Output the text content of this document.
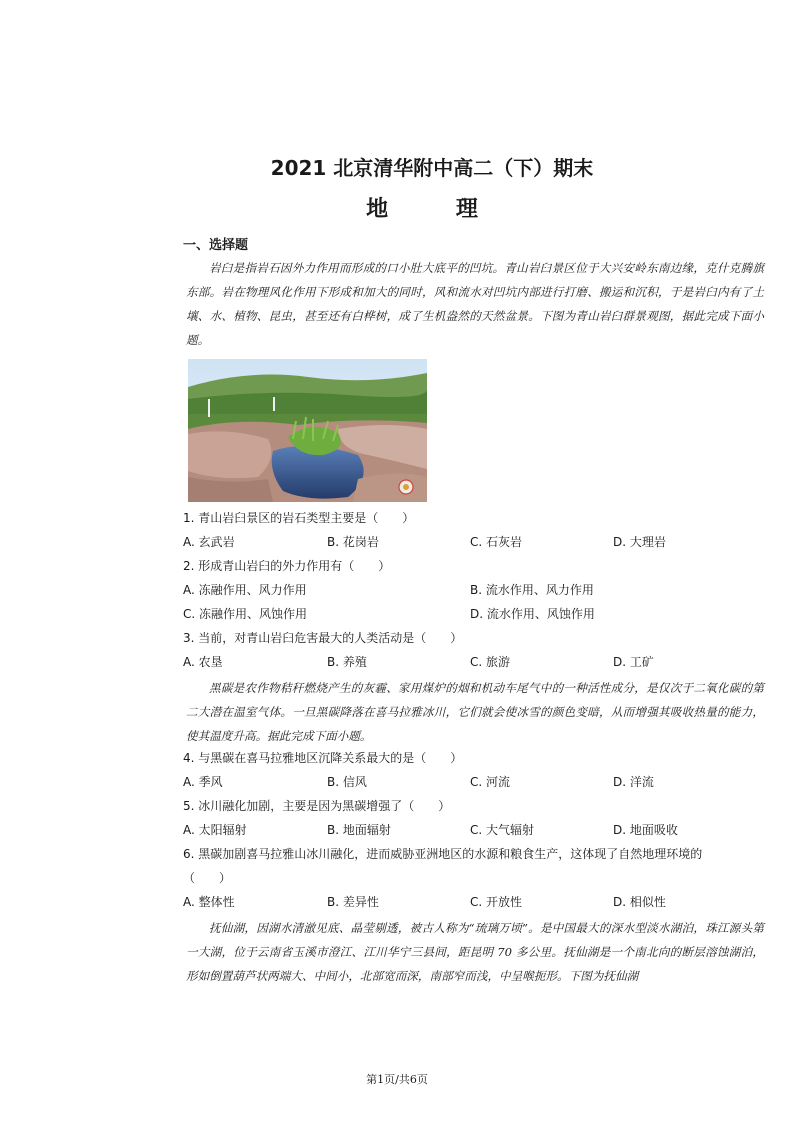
2021 北京清华附中高二（下）期末
地 理
一、选择题
岩臼是指岩石因外力作用而形成的口小肚大底平的凹坑。青山岩臼景区位于大兴安岭东南边缘，克什克腾旗东部。岩在物理风化作用下形成和加大的同时，风和流水对凹坑内部进行打磨、搬运和沉积，于是岩臼内有了土壤、水、植物、昆虫，甚至还有白桦树，成了生机盎然的天然盆景。下图为青山岩臼群景观图，据此完成下面小题。
1. 青山岩臼景区的岩石类型主要是（　　）
A. 玄武岩	B. 花岗岩	C. 石灰岩	D. 大理岩
2. 形成青山岩臼的外力作用有（　　）
A. 冻融作用、风力作用	B. 流水作用、风力作用
C. 冻融作用、风蚀作用	D. 流水作用、风蚀作用
3. 当前，对青山岩臼危害最大的人类活动是（　　）
A. 农垦	B. 养殖	C. 旅游	D. 工矿
黑碳是农作物秸秆燃烧产生的灰霾、家用煤炉的烟和机动车尾气中的一种活性成分，是仅次于二氧化碳的第二大潜在温室气体。一旦黑碳降落在喜马拉雅冰川，它们就会使冰雪的颜色变暗，从而增强其吸收热量的能力，使其温度升高。据此完成下面小题。
4. 与黑碳在喜马拉雅地区沉降关系最大的是（　　）
A. 季风	B. 信风	C. 河流	D. 洋流
5. 冰川融化加剧，主要是因为黑碳增强了（　　）
A. 太阳辐射	B. 地面辐射	C. 大气辐射	D. 地面吸收
6. 黑碳加剧喜马拉雅山冰川融化，进而威胁亚洲地区的水源和粮食生产，这体现了自然地理环境的
（　　）
A. 整体性	B. 差异性	C. 开放性	D. 相似性
抚仙湖，因湖水清澈见底、晶莹剔透，被古人称为“琉璃万顷”。是中国最大的深水型淡水湖泊，珠江源头第一大湖，位于云南省玉溪市澄江、江川华宁三县间，距昆明 70 多公里。抚仙湖是一个南北向的断层溶蚀湖泊，形如倒置葫芦状两端大、中间小，北部宽而深，南部窄而浅，中呈喉扼形。下图为抚仙湖
第1页/共6页
